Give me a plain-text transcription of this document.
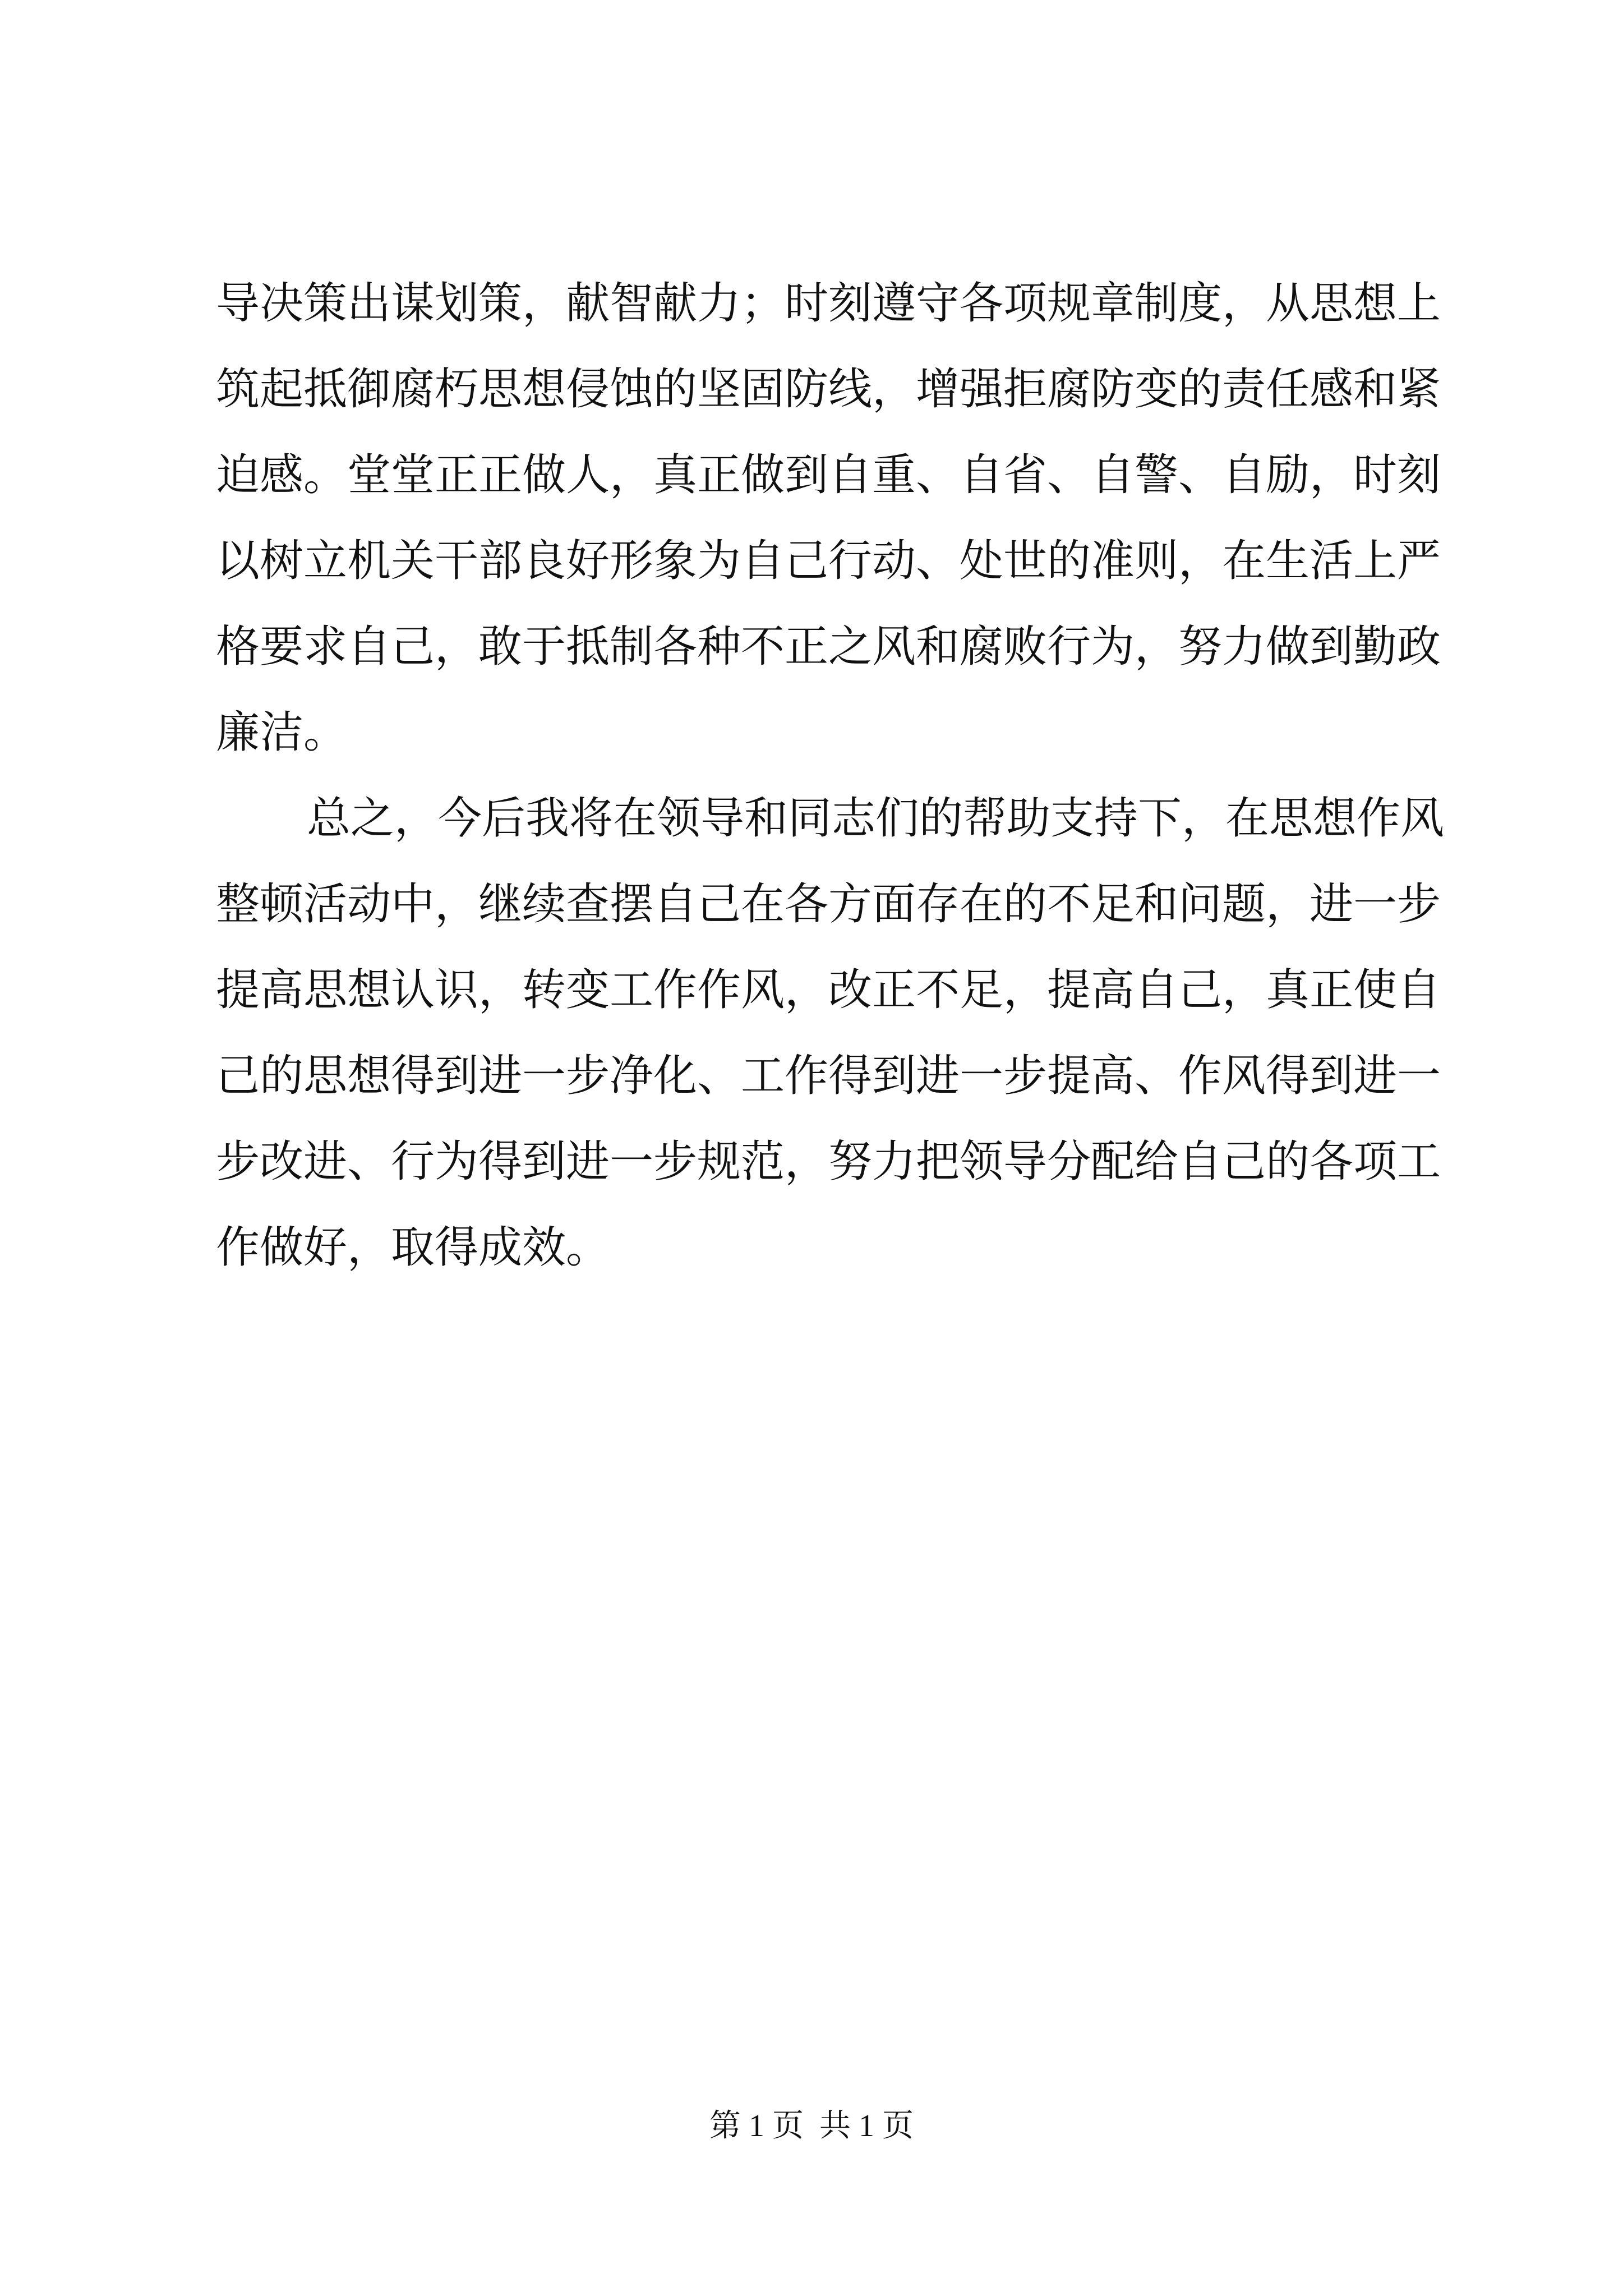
导决策出谋划策，献智献力；时刻遵守各项规章制度，从思想上
筑起抵御腐朽思想侵蚀的坚固防线，增强拒腐防变的责任感和紧
迫感。堂堂正正做人，真正做到自重、自省、自警、自励，时刻
以树立机关干部良好形象为自己行动、处世的准则，在生活上严
格要求自己，敢于抵制各种不正之风和腐败行为，努力做到勤政
廉洁。
总之，今后我将在领导和同志们的帮助支持下，在思想作风
整顿活动中，继续查摆自己在各方面存在的不足和问题，进一步
提高思想认识，转变工作作风，改正不足，提高自己，真正使自
己的思想得到进一步净化、工作得到进一步提高、作风得到进一
步改进、行为得到进一步规范，努力把领导分配给自己的各项工
作做好，取得成效。
第 1 页 共 1 页
